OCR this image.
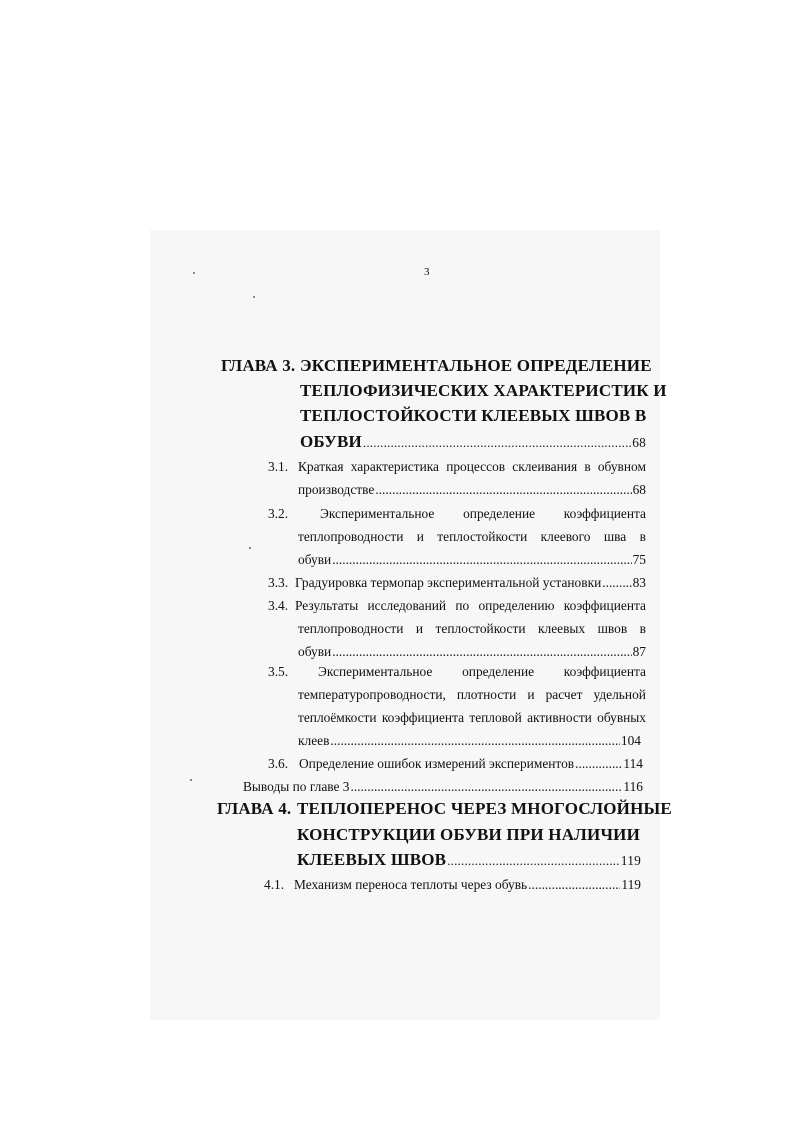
3
ГЛАВА 3. ЭКСПЕРИМЕНТАЛЬНОЕ ОПРЕДЕЛЕНИЕ
ТЕПЛОФИЗИЧЕСКИХ ХАРАКТЕРИСТИК И
ТЕПЛОСТОЙКОСТИ КЛЕЕВЫХ ШВОВ В
ОБУВИ .....	68
3.1. Краткая характеристика процессов склеивания в обувном
производстве .....	68
3.2. Экспериментальное определение коэффициента
теплопроводности и теплостойкости клеевого шва в
обуви .....	75
3.3. Градуировка термопар экспериментальной установки ..... 83
3.4. Результаты исследований по определению коэффициента
теплопроводности и теплостойкости клеевых швов в
обуви .....	87
3.5. Экспериментальное определение коэффициента
температуропроводности, плотности и расчет удельной
теплоёмкости коэффициента тепловой активности обувных
клеев .....	104
3.6. Определение ошибок измерений экспериментов .....	114
Выводы по главе 3 .....	116
ГЛАВА 4. ТЕПЛОПЕРЕНОС ЧЕРЕЗ МНОГОСЛОЙНЫЕ
КОНСТРУКЦИИ ОБУВИ ПРИ НАЛИЧИИ
КЛЕЕВЫХ ШВОВ .....	119
4.1. Механизм переноса теплоты через обувь .....	119
